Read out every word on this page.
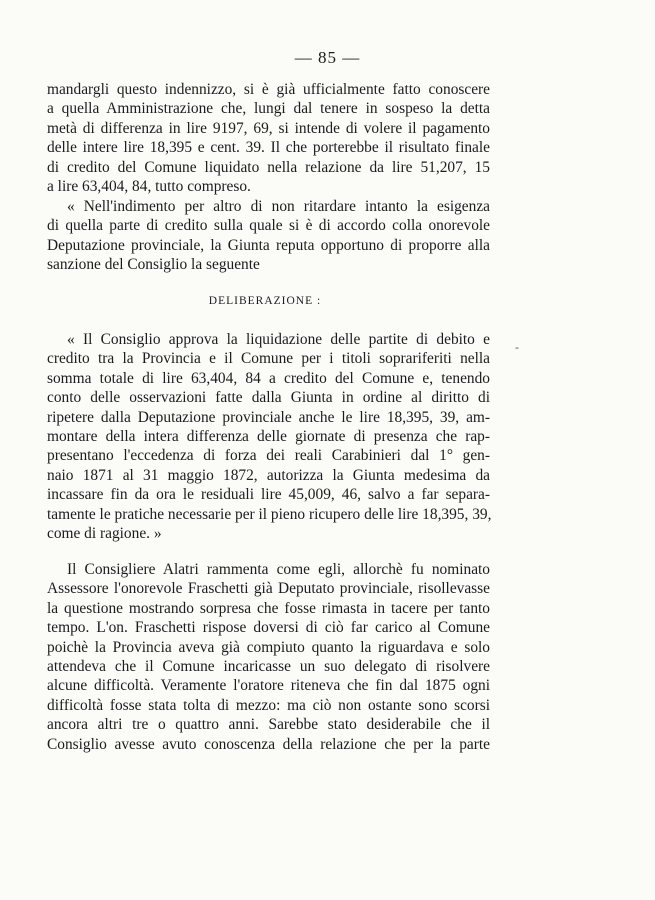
— 85 —
mandargli questo indennizzo, si è già ufficialmente fatto conoscere
a quella Amministrazione che, lungi dal tenere in sospeso la detta
metà di differenza in lire 9197, 69, si intende di volere il pagamento
delle intere lire 18,395 e cent. 39. Il che porterebbe il risultato finale
di credito del Comune liquidato nella relazione da lire 51,207, 15
a lire 63,404, 84, tutto compreso.
« Nell'indimento per altro di non ritardare intanto la esigenza
di quella parte di credito sulla quale si è di accordo colla onorevole
Deputazione provinciale, la Giunta reputa opportuno di proporre alla
sanzione del Consiglio la seguente
DELIBERAZIONE :
-
« Il Consiglio approva la liquidazione delle partite di debito e
credito tra la Provincia e il Comune per i titoli soprariferiti nella
somma totale di lire 63,404, 84 a credito del Comune e, tenendo
conto delle osservazioni fatte dalla Giunta in ordine al diritto di
ripetere dalla Deputazione provinciale anche le lire 18,395, 39, am-
montare della intera differenza delle giornate di presenza che rap-
presentano l'eccedenza di forza dei reali Carabinieri dal 1° gen-
naio 1871 al 31 maggio 1872, autorizza la Giunta medesima da
incassare fin da ora le residuali lire 45,009, 46, salvo a far separa-
tamente le pratiche necessarie per il pieno ricupero delle lire 18,395, 39,
come di ragione. »
Il Consigliere Alatri rammenta come egli, allorchè fu nominato
Assessore l'onorevole Fraschetti già Deputato provinciale, risollevasse
la questione mostrando sorpresa che fosse rimasta in tacere per tanto
tempo. L'on. Fraschetti rispose doversi di ciò far carico al Comune
poichè la Provincia aveva già compiuto quanto la riguardava e solo
attendeva che il Comune incaricasse un suo delegato di risolvere
alcune difficoltà. Veramente l'oratore riteneva che fin dal 1875 ogni
difficoltà fosse stata tolta di mezzo: ma ciò non ostante sono scorsi
ancora altri tre o quattro anni. Sarebbe stato desiderabile che il
Consiglio avesse avuto conoscenza della relazione che per la parte
